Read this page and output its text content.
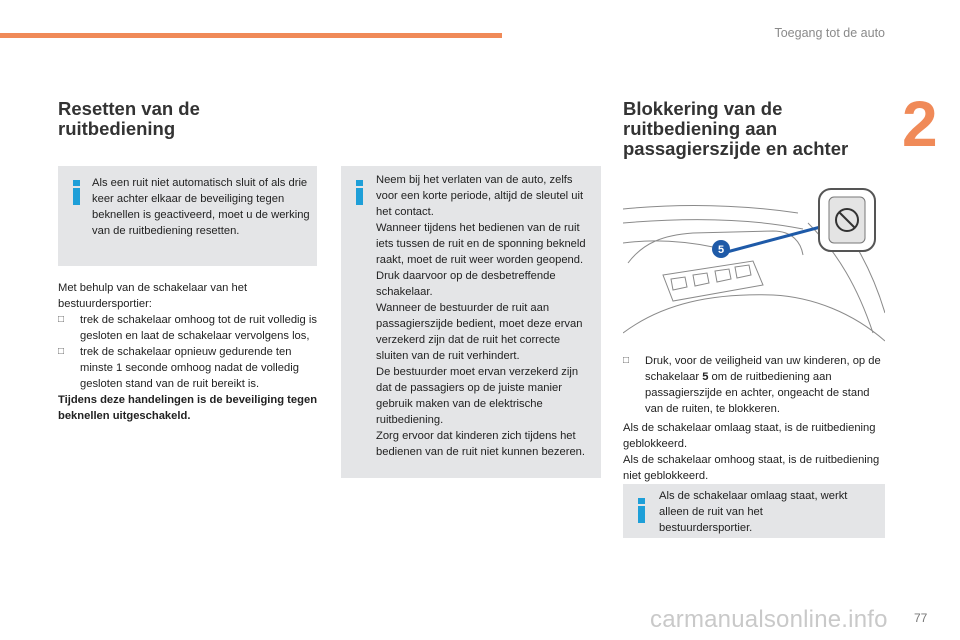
Toegang tot de auto
2
Resetten van de ruitbediening
Als een ruit niet automatisch sluit of als drie keer achter elkaar de beveiliging tegen beknellen is geactiveerd, moet u de werking van de ruitbediening resetten.
Met behulp van de schakelaar van het bestuurdersportier:
□	trek de schakelaar omhoog tot de ruit volledig is gesloten en laat de schakelaar vervolgens los,
□	trek de schakelaar opnieuw gedurende ten minste 1 seconde omhoog nadat de volledig gesloten stand van de ruit bereikt is.
Tijdens deze handelingen is de beveiliging tegen beknellen uitgeschakeld.
Neem bij het verlaten van de auto, zelfs voor een korte periode, altijd de sleutel uit het contact.
Wanneer tijdens het bedienen van de ruit iets tussen de ruit en de sponning bekneld raakt, moet de ruit weer worden geopend. Druk daarvoor op de desbetreffende schakelaar.
Wanneer de bestuurder de ruit aan passagierszijde bedient, moet deze ervan verzekerd zijn dat de ruit het correcte sluiten van de ruit verhindert.
De bestuurder moet ervan verzekerd zijn dat de passagiers op de juiste manier gebruik maken van de elektrische ruitbediening.
Zorg ervoor dat kinderen zich tijdens het bedienen van de ruit niet kunnen bezeren.
Blokkering van de ruitbediening aan passagierszijde en achter
5
□	Druk, voor de veiligheid van uw kinderen, op de schakelaar 5 om de ruitbediening aan passagierszijde en achter, ongeacht de stand van de ruiten, te blokkeren.
Als de schakelaar omlaag staat, is de ruitbediening geblokkeerd.
Als de schakelaar omhoog staat, is de ruitbediening niet geblokkeerd.
Als de schakelaar omlaag staat, werkt alleen de ruit van het bestuurdersportier.
carmanualsonline.info 77
